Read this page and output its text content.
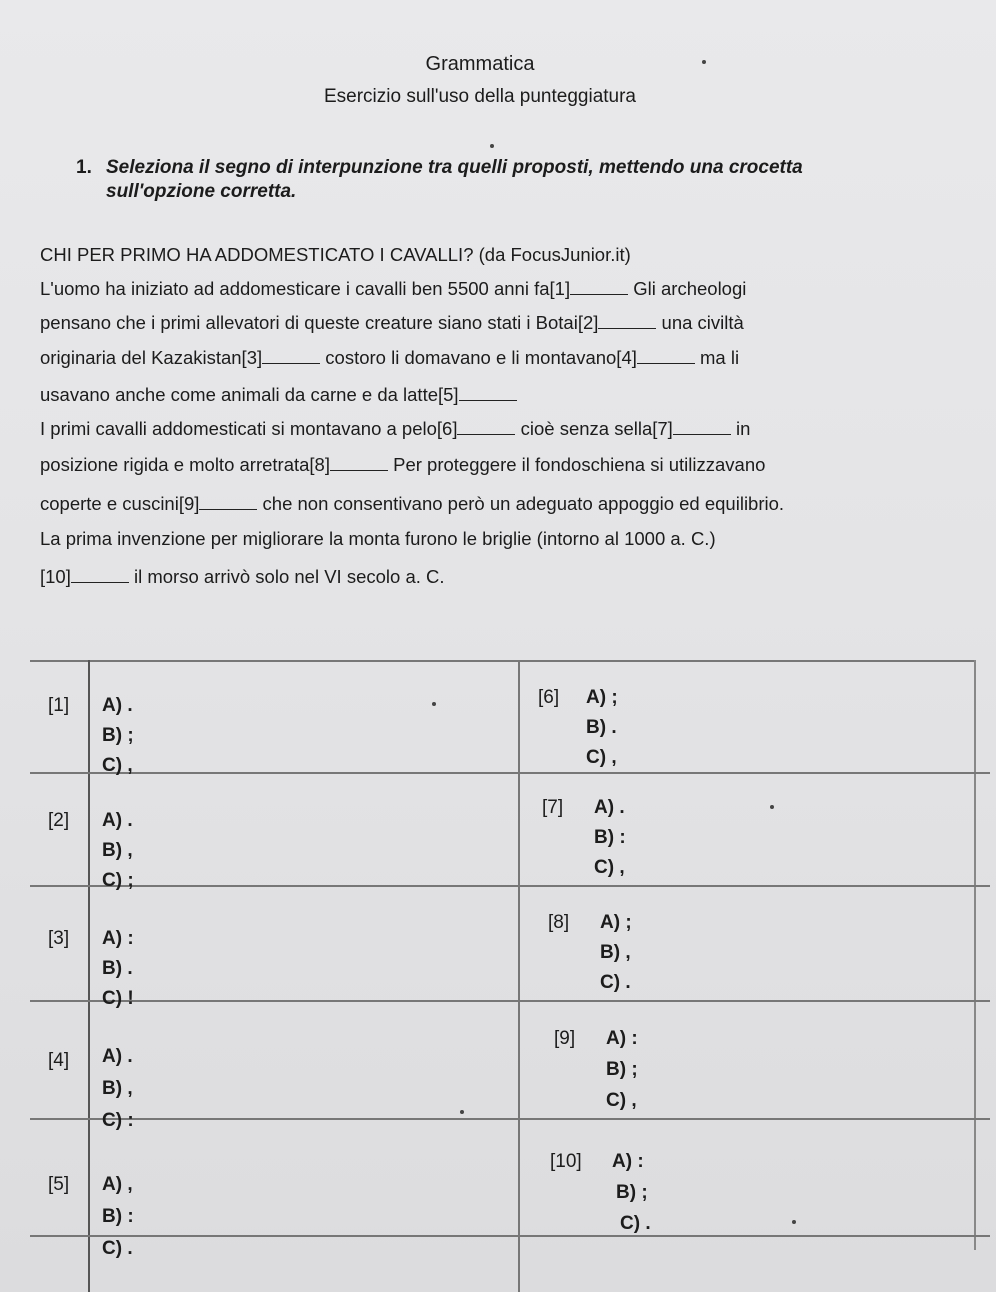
Grammatica
Esercizio sull'uso della punteggiatura
1. Seleziona il segno di interpunzione tra quelli proposti, mettendo una crocetta
sull'opzione corretta.
CHI PER PRIMO HA ADDOMESTICATO I CAVALLI? (da FocusJunior.it)
L'uomo ha iniziato ad addomesticare i cavalli ben 5500 anni fa[1]	Gli archeologi
pensano che i primi allevatori di queste creature siano stati i Botai[2]	una civiltà
originaria del Kazakistan[3]	costoro li domavano e li montavano[4]	ma li
usavano anche come animali da carne e da latte[5]
I primi cavalli addomesticati si montavano a pelo[6]	cioè senza sella[7]	in
posizione rigida e molto arretrata[8]	Per proteggere il fondoschiena si utilizzavano
coperte e cuscini[9]	che non consentivano però un adeguato appoggio ed equilibrio.
La prima invenzione per migliorare la monta furono le briglie (intorno al 1000 a. C.)
[10]	il morso arrivò solo nel VI secolo a. C.
[1] A) .
B) ;
C) ,
[2] A) .
B) ,
C) ;
[3] A) :
B) .
C) !
[4] A) .
B) ,
C) :
[5] A) ,
B) :
C) .
[6] A) ;
B) .
C) ,
[7] A) .
B) :
C) ,
[8] A) ;
B) ,
C) .
[9] A) :
B) ;
C) ,
[10] A) :
B) ;
C) .
